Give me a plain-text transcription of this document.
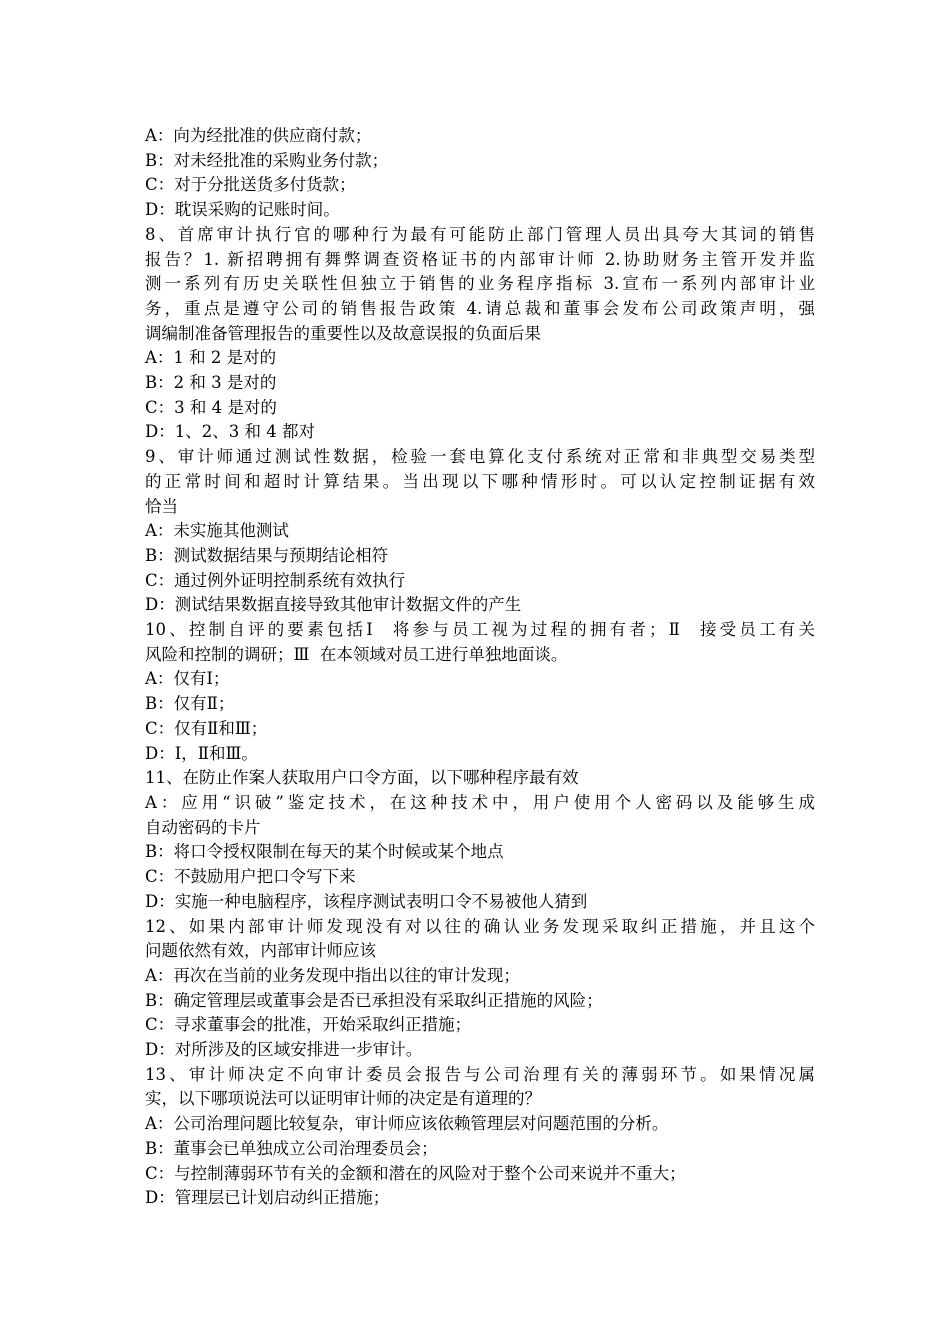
A：向为经批准的供应商付款；

B：对未经批准的采购业务付款；

C：对于分批送货多付货款；

D：耽误采购的记账时间。

8、首席审计执行官的哪种行为最有可能防止部门管理人员出具夸大其词的销售

报告？1. 新招聘拥有舞弊调查资格证书的内部审计师 2.协助财务主管开发并监

测一系列有历史关联性但独立于销售的业务程序指标 3.宣布一系列内部审计业

务，重点是遵守公司的销售报告政策 4.请总裁和董事会发布公司政策声明，强

调编制准备管理报告的重要性以及故意误报的负面后果

A：1 和 2 是对的

B：2 和 3 是对的

C：3 和 4 是对的

D：1、2、3 和 4 都对

9、审计师通过测试性数据，检验一套电算化支付系统对正常和非典型交易类型

的正常时间和超时计算结果。当出现以下哪种情形时。可以认定控制证据有效

恰当

A：未实施其他测试

B：测试数据结果与预期结论相符

C：通过例外证明控制系统有效执行

D：测试结果数据直接导致其他审计数据文件的产生

10、控制自评的要素包括Ⅰ  将参与员工视为过程的拥有者；Ⅱ  接受员工有关

风险和控制的调研；Ⅲ  在本领域对员工进行单独地面谈。

A：仅有Ⅰ；

B：仅有Ⅱ；

C：仅有Ⅱ和Ⅲ；

D：Ⅰ，Ⅱ和Ⅲ。

11、在防止作案人获取用户口令方面，以下哪种程序最有效

A：应用“识破”鉴定技术，在这种技术中，用户使用个人密码以及能够生成

自动密码的卡片

B：将口令授权限制在每天的某个时候或某个地点

C：不鼓励用户把口令写下来

D：实施一种电脑程序，该程序测试表明口令不易被他人猜到

12、如果内部审计师发现没有对以往的确认业务发现采取纠正措施，并且这个

问题依然有效，内部审计师应该

A：再次在当前的业务发现中指出以往的审计发现；

B：确定管理层或董事会是否已承担没有采取纠正措施的风险；

C：寻求董事会的批准，开始采取纠正措施；

D：对所涉及的区域安排进一步审计。

13、审计师决定不向审计委员会报告与公司治理有关的薄弱环节。如果情况属

实，以下哪项说法可以证明审计师的决定是有道理的？

A：公司治理问题比较复杂，审计师应该依赖管理层对问题范围的分析。

B：董事会已单独成立公司治理委员会；

C：与控制薄弱环节有关的金额和潜在的风险对于整个公司来说并不重大；

D：管理层已计划启动纠正措施；
